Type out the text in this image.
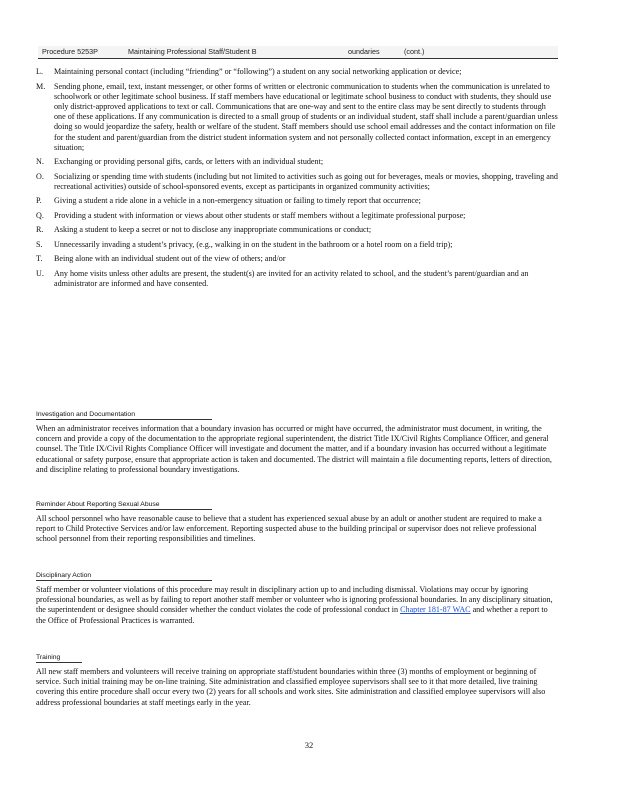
Procedure 5253P	Maintaining Professional Staff/Student B	oundaries	(cont.)
L.	Maintaining personal contact (including “friending” or “following”) a student on any social networking application or device;
M.	Sending phone, email, text, instant messenger, or other forms of written or electronic communication to students when the communication is unrelated to schoolwork or other legitimate school business. If staff members have educational or legitimate school business to conduct with students, they should use only district-approved applications to text or call. Communications that are one-way and sent to the entire class may be sent directly to students through one of these applications. If any communication is directed to a small group of students or an individual student, staff shall include a parent/guardian unless doing so would jeopardize the safety, health or welfare of the student. Staff members should use school email addresses and the contact information on file for the student and parent/guardian from the district student information system and not personally collected contact information, except in an emergency situation;
N.	Exchanging or providing personal gifts, cards, or letters with an individual student;
O.	Socializing or spending time with students (including but not limited to activities such as going out for beverages, meals or movies, shopping, traveling and recreational activities) outside of school-sponsored events, except as participants in organized community activities;
P.	Giving a student a ride alone in a vehicle in a non-emergency situation or failing to timely report that occurrence;
Q.	Providing a student with information or views about other students or staff members without a legitimate professional purpose;
R.	Asking a student to keep a secret or not to disclose any inappropriate communications or conduct;
S.	Unnecessarily invading a student’s privacy, (e.g., walking in on the student in the bathroom or a hotel room on a field trip);
T.	Being alone with an individual student out of the view of others; and/or
U.	Any home visits unless other adults are present, the student(s) are invited for an activity related to school, and the student’s parent/guardian and an administrator are informed and have consented.
Investigation and Documentation

When an administrator receives information that a boundary invasion has occurred or might have occurred, the administrator must document, in writing, the concern and provide a copy of the documentation to the appropriate regional superintendent, the district Title IX/Civil Rights Compliance Officer, and general counsel. The Title IX/Civil Rights Compliance Officer will investigate and document the matter, and if a boundary invasion has occurred without a legitimate educational or safety purpose, ensure that appropriate action is taken and documented. The district will maintain a file documenting reports, letters of direction, and discipline relating to professional boundary investigations.

Reminder About Reporting Sexual Abuse

All school personnel who have reasonable cause to believe that a student has experienced sexual abuse by an adult or another student are required to make a report to Child Protective Services and/or law enforcement. Reporting suspected abuse to the building principal or supervisor does not relieve professional school personnel from their reporting responsibilities and timelines.

Disciplinary Action

Staff member or volunteer violations of this procedure may result in disciplinary action up to and including dismissal. Violations may occur by ignoring professional boundaries, as well as by failing to report another staff member or volunteer who is ignoring professional boundaries. In any disciplinary situation, the superintendent or designee should consider whether the conduct violates the code of professional conduct in Chapter 181-87 WAC and whether a report to the Office of Professional Practices is warranted.

Training

All new staff members and volunteers will receive training on appropriate staff/student boundaries within three (3) months of employment or beginning of service. Such initial training may be on-line training. Site administration and classified employee supervisors shall see to it that more detailed, live training covering this entire procedure shall occur every two (2) years for all schools and work sites. Site administration and classified employee supervisors will also address professional boundaries at staff meetings early in the year.

32
